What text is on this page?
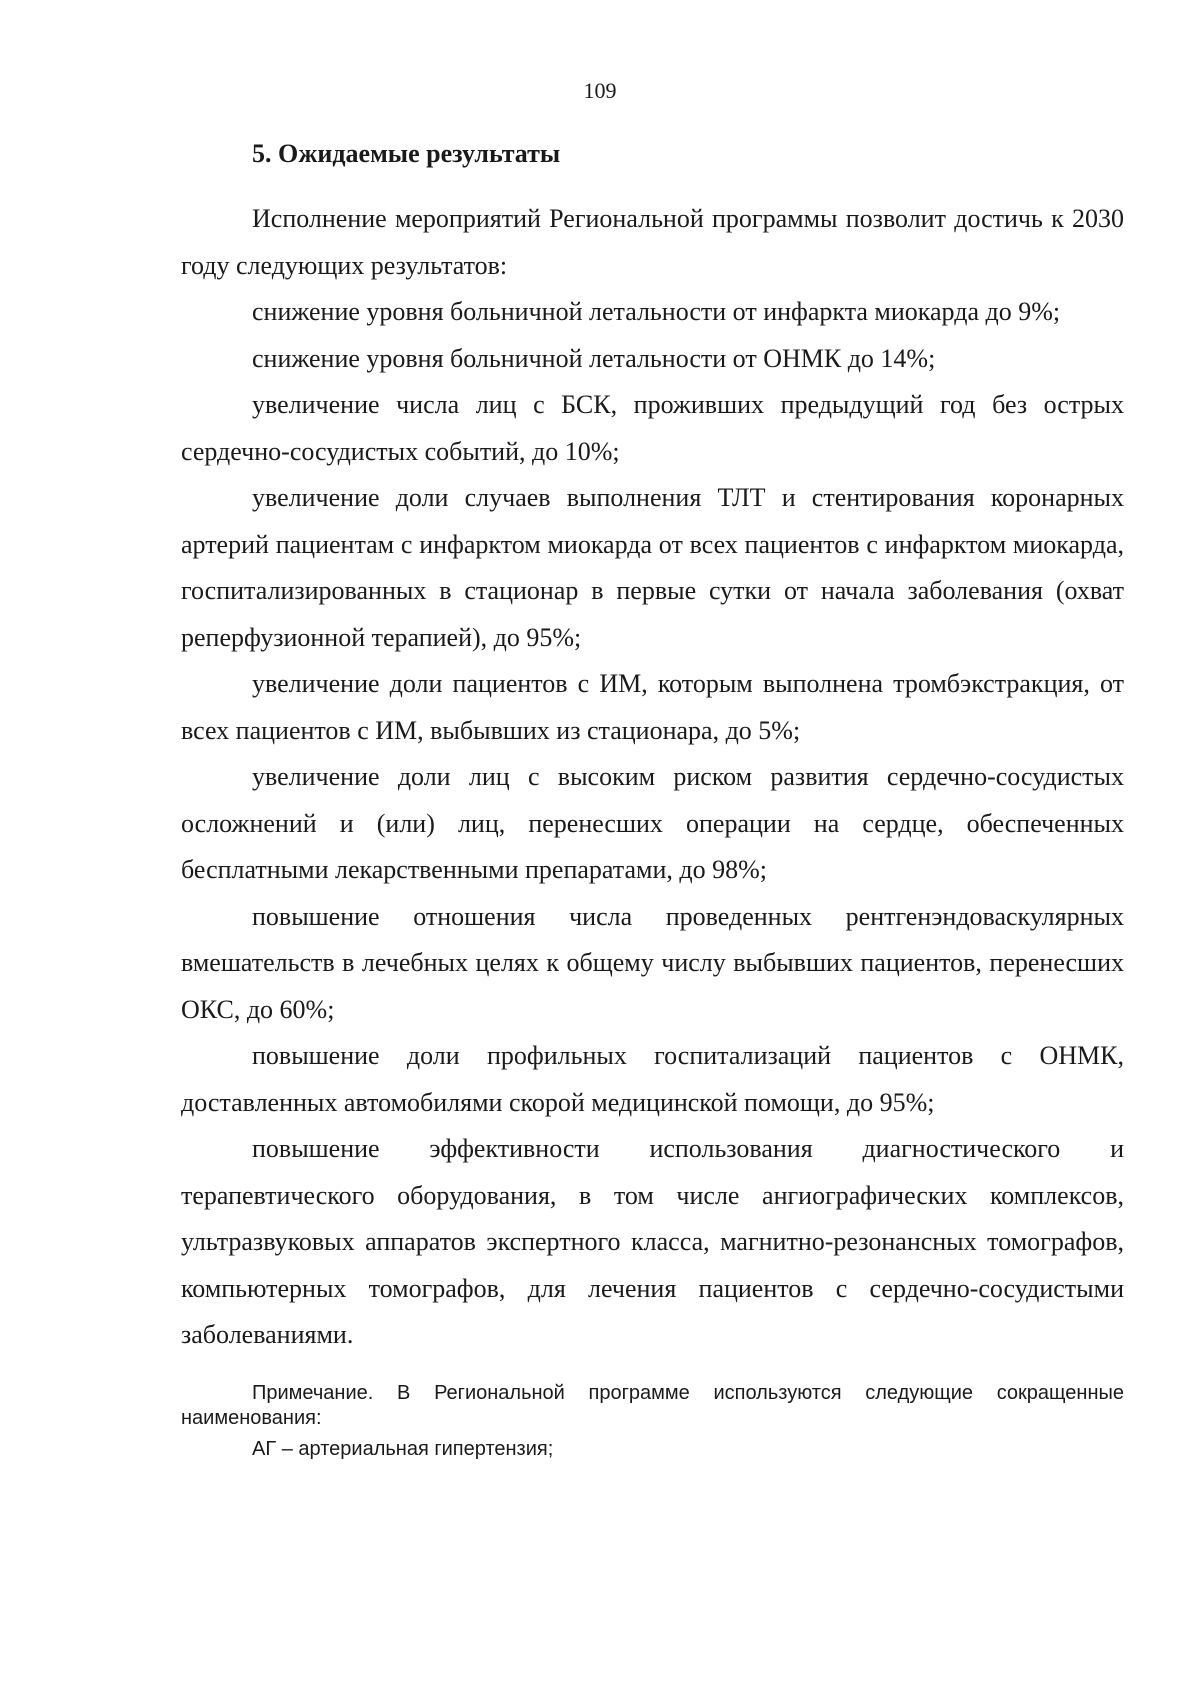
109
5. Ожидаемые результаты

Исполнение мероприятий Региональной программы позволит достичь к 2030 году следующих результатов:

снижение уровня больничной летальности от инфаркта миокарда до 9%;

снижение уровня больничной летальности от ОНМК до 14%;

увеличение числа лиц с БСК, проживших предыдущий год без острых сердечно-сосудистых событий, до 10%;

увеличение доли случаев выполнения ТЛТ и стентирования коронарных артерий пациентам с инфарктом миокарда от всех пациентов с инфарктом миокарда, госпитализированных в стационар в первые сутки от начала заболевания (охват реперфузионной терапией), до 95%;

увеличение доли пациентов с ИМ, которым выполнена тромбэкстракция, от всех пациентов с ИМ, выбывших из стационара, до 5%;

увеличение доли лиц с высоким риском развития сердечно-сосудистых осложнений и (или) лиц, перенесших операции на сердце, обеспеченных бесплатными лекарственными препаратами, до 98%;

повышение отношения числа проведенных рентгенэндоваскулярных вмешательств в лечебных целях к общему числу выбывших пациентов, перенесших ОКС, до 60%;

повышение доли профильных госпитализаций пациентов с ОНМК, доставленных автомобилями скорой медицинской помощи, до 95%;

повышение эффективности использования диагностического и терапевтического оборудования, в том числе ангиографических комплексов, ультразвуковых аппаратов экспертного класса, магнитно-резонансных томографов, компьютерных томографов, для лечения пациентов с сердечно-сосудистыми заболеваниями.

Примечание. В Региональной программе используются следующие сокращенные наименования:

АГ – артериальная гипертензия;
